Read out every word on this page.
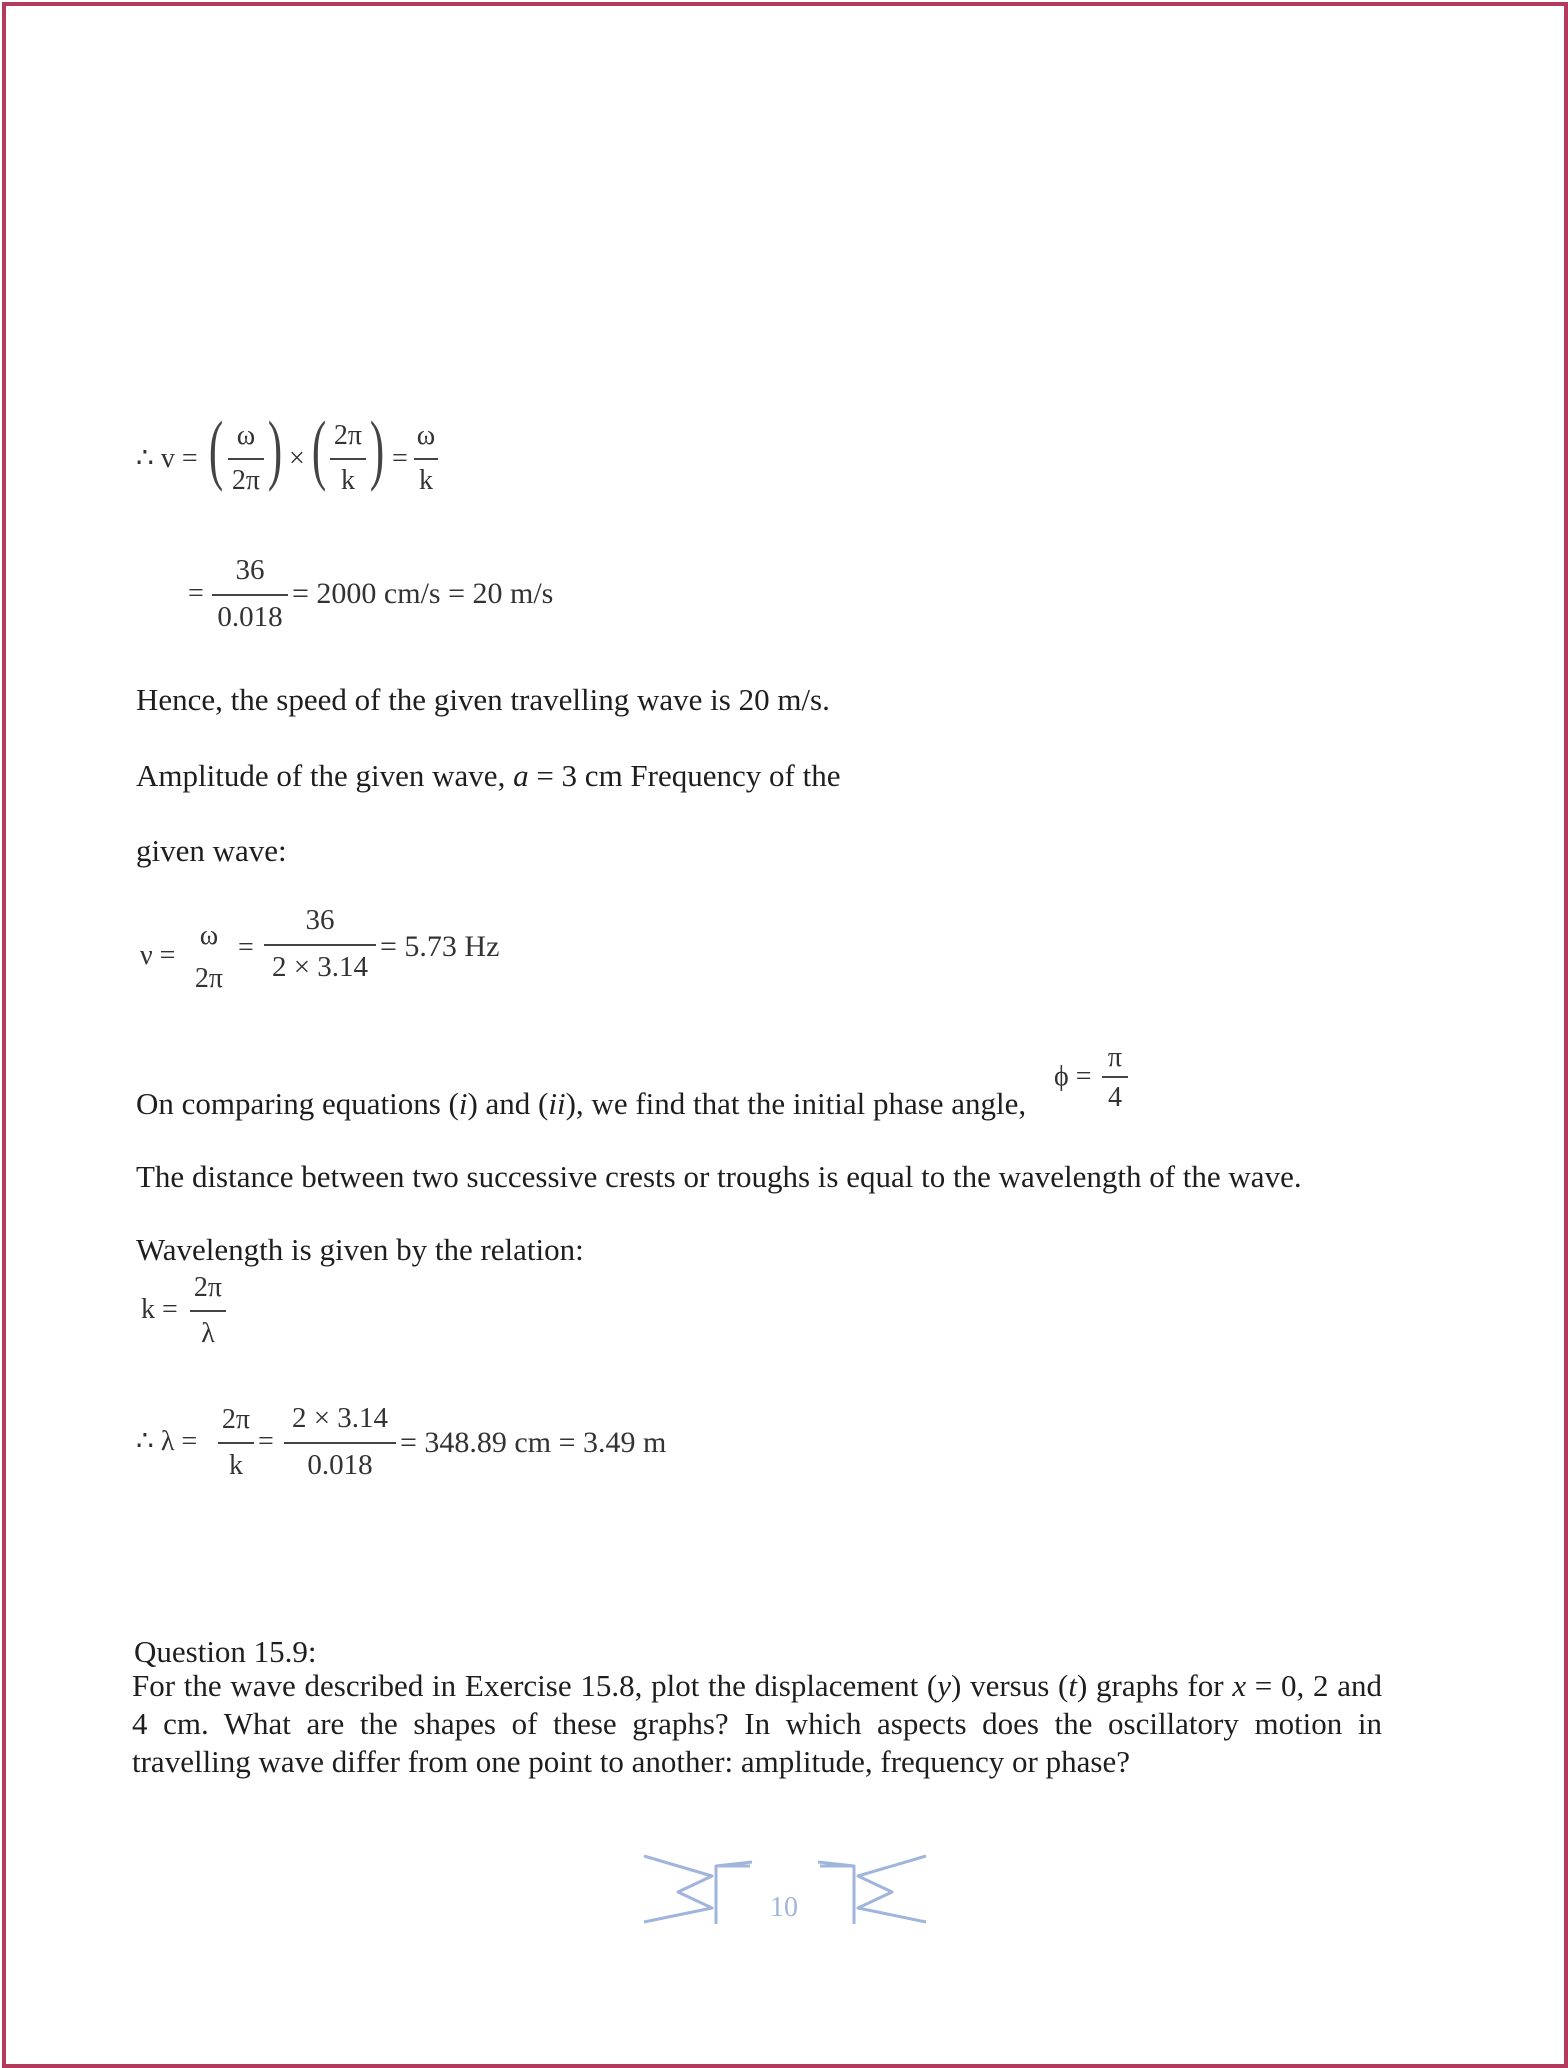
∴ v = ( ω
2π ) × ( 2π
k ) =
ω
k
=
36
0.018
= 2000 cm/s = 20 m/s
Hence, the speed of the given travelling wave is 20 m/s.
Amplitude of the given wave, a = 3 cm Frequency of the
given wave:
ν =
ω
2π
=
36
2 × 3.14
= 5.73 Hz
On comparing equations (i) and (ii), we find that the initial phase angle,
ϕ =
π
4
The distance between two successive crests or troughs is equal to the wavelength of the wave.
Wavelength is given by the relation:
k =
2π
λ
∴ λ =
2π
k
=
2 × 3.14
0.018
= 348.89 cm = 3.49 m
Question 15.9:
For the wave described in Exercise 15.8, plot the displacement (y) versus (t) graphs for x = 0, 2 and 4 cm. What are the shapes of these graphs? In which aspects does the oscillatory motion in travelling wave differ from one point to another: amplitude, frequency or phase?
10
